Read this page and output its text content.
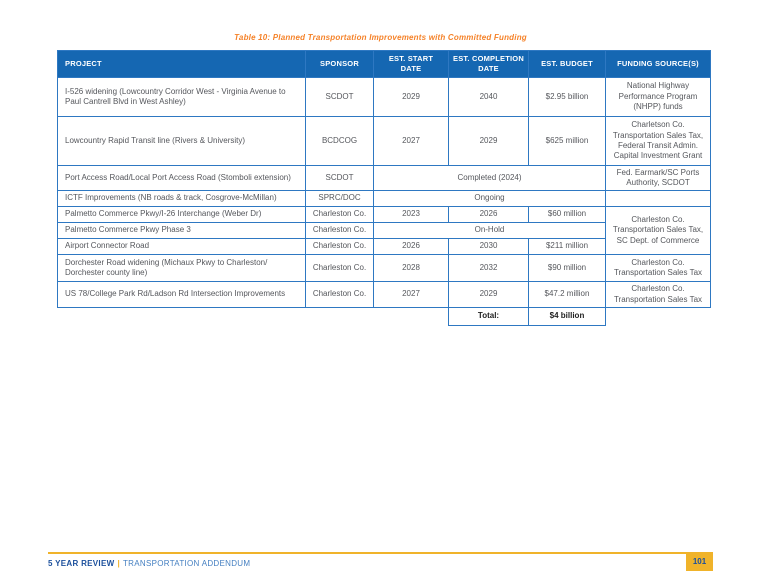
Table 10: Planned Transportation Improvements with Committed Funding
PROJECT	SPONSOR	EST. START DATE	EST. COMPLETION DATE	EST. BUDGET	FUNDING SOURCE(S)
I-526 widening (Lowcountry Corridor West - Virginia Avenue to Paul Cantrell Blvd in West Ashley)	SCDOT	2029	2040	$2.95 billion	National Highway Performance Program (NHPP) funds
Lowcountry Rapid Transit line (Rivers & University)	BCDCOG	2027	2029	$625 million	Charletson Co. Transportation Sales Tax, Federal Transit Admin. Capital Investment Grant
Port Access Road/Local Port Access Road (Stomboli extension)	SCDOT	Completed (2024)			Fed. Earmark/SC Ports Authority, SCDOT
ICTF Improvements (NB roads & track, Cosgrove-McMillan)	SPRC/DOC	Ongoing			
Palmetto Commerce Pkwy/I-26 Interchange (Weber Dr)	Charleston Co.	2023	2026	$60 million	Charleston Co. Transportation Sales Tax, SC Dept. of Commerce
Palmetto Commerce Pkwy Phase 3	Charleston Co.	On-Hold			
Airport Connector Road	Charleston Co.	2026	2030	$211 million	
Dorchester Road widening (Michaux Pkwy to Charleston/ Dorchester county line)	Charleston Co.	2028	2032	$90 million	Charleston Co. Transportation Sales Tax
US 78/College Park Rd/Ladson Rd Intersection Improvements	Charleston Co.	2027	2029	$47.2 million	Charleston Co. Transportation Sales Tax
			Total:	$4 billion	
5 YEAR REVIEW | TRANSPORTATION ADDENDUM	101
